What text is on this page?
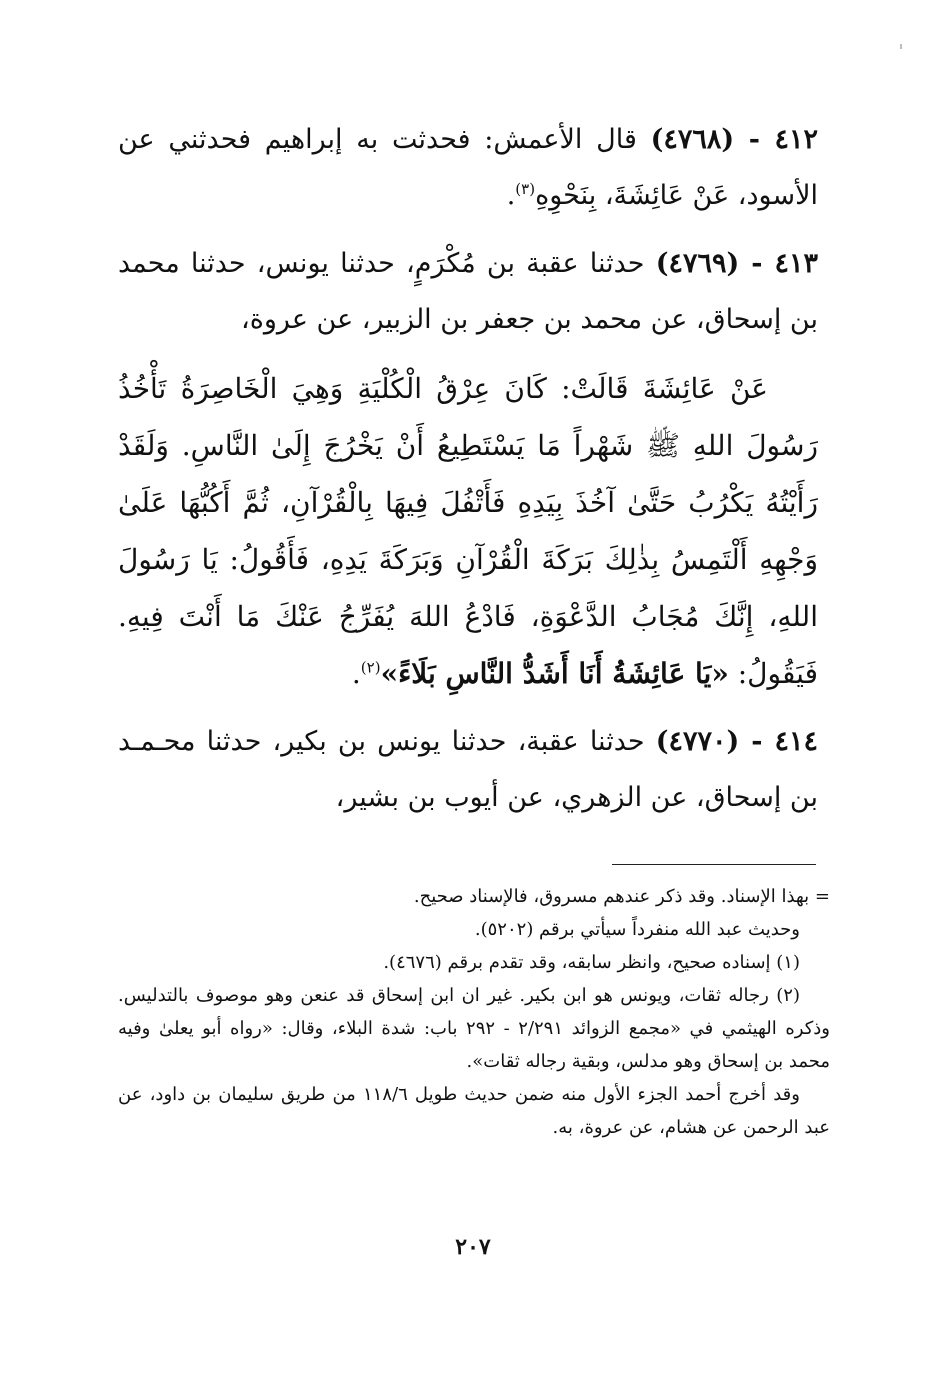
٤١٢ - (٤٧٦٨) قال الأعمش: فحدثت به إبراهيم فحدثني عن الأسود، عَنْ عَائِشَةَ، بِنَحْوِهِ$^{(٣)}$.

٤١٣ - (٤٧٦٩) حدثنا عقبة بن مُكْرَمٍ، حدثنا يونس، حدثنا محمد بن إسحاق، عن محمد بن جعفر بن الزبير، عن عروة،

عَنْ عَائِشَةَ قَالَتْ: كَانَ عِرْقُ الْكُلْيَةِ وَهِيَ الْخَاصِرَةُ تَأْخُذُ رَسُولَ اللهِ ﷺ شَهْراً مَا يَسْتَطِيعُ أَنْ يَخْرُجَ إِلَىٰ النَّاسِ. وَلَقَدْ رَأَيْتُهُ يَكْرُبُ حَتَّىٰ آخُذَ بِيَدِهِ فَأَتْفُلَ فِيهَا بِالْقُرْآنِ، ثُمَّ أَكُبُّهَا عَلَىٰ وَجْهِهِ أَلْتَمِسُ بِذٰلِكَ بَرَكَةَ الْقُرْآنِ وَبَرَكَةَ يَدِهِ، فَأَقُولُ: يَا رَسُولَ اللهِ، إِنَّكَ مُجَابُ الدَّعْوَةِ، فَادْعُ اللهَ يُفَرِّجُ عَنْكَ مَا أَنْتَ فِيهِ. فَيَقُولُ: «يَا عَائِشَةُ أَنَا أَشَدُّ النَّاسِ بَلَاءً»$^{(٢)}$.

٤١٤ - (٤٧٧٠) حدثنا عقبة، حدثنا يونس بن بكير، حدثنا محـمـد بن إسحاق، عن الزهري، عن أيوب بن بشير،

= بهذا الإسناد. وقد ذكر عندهم مسروق، فالإسناد صحيح.

وحديث عبد الله منفرداً سيأتي برقم (٥٢٠٢).

(١) إسناده صحيح، وانظر سابقه، وقد تقدم برقم (٤٦٧٦).

(٢) رجاله ثقات، ويونس هو ابن بكير. غير ان ابن إسحاق قد عنعن وهو موصوف بالتدليس. وذكره الهيثمي في «مجمع الزوائد ٢/٢٩١ - ٢٩٢ باب: شدة البلاء، وقال: «رواه أبو يعلىٰ وفيه محمد بن إسحاق وهو مدلس، وبقية رجاله ثقات».

وقد أخرج أحمد الجزء الأول منه ضمن حديث طويل ١١٨/٦ من طريق سليمان بن داود، عن عبد الرحمن عن هشام، عن عروة، به.

٢٠٧
